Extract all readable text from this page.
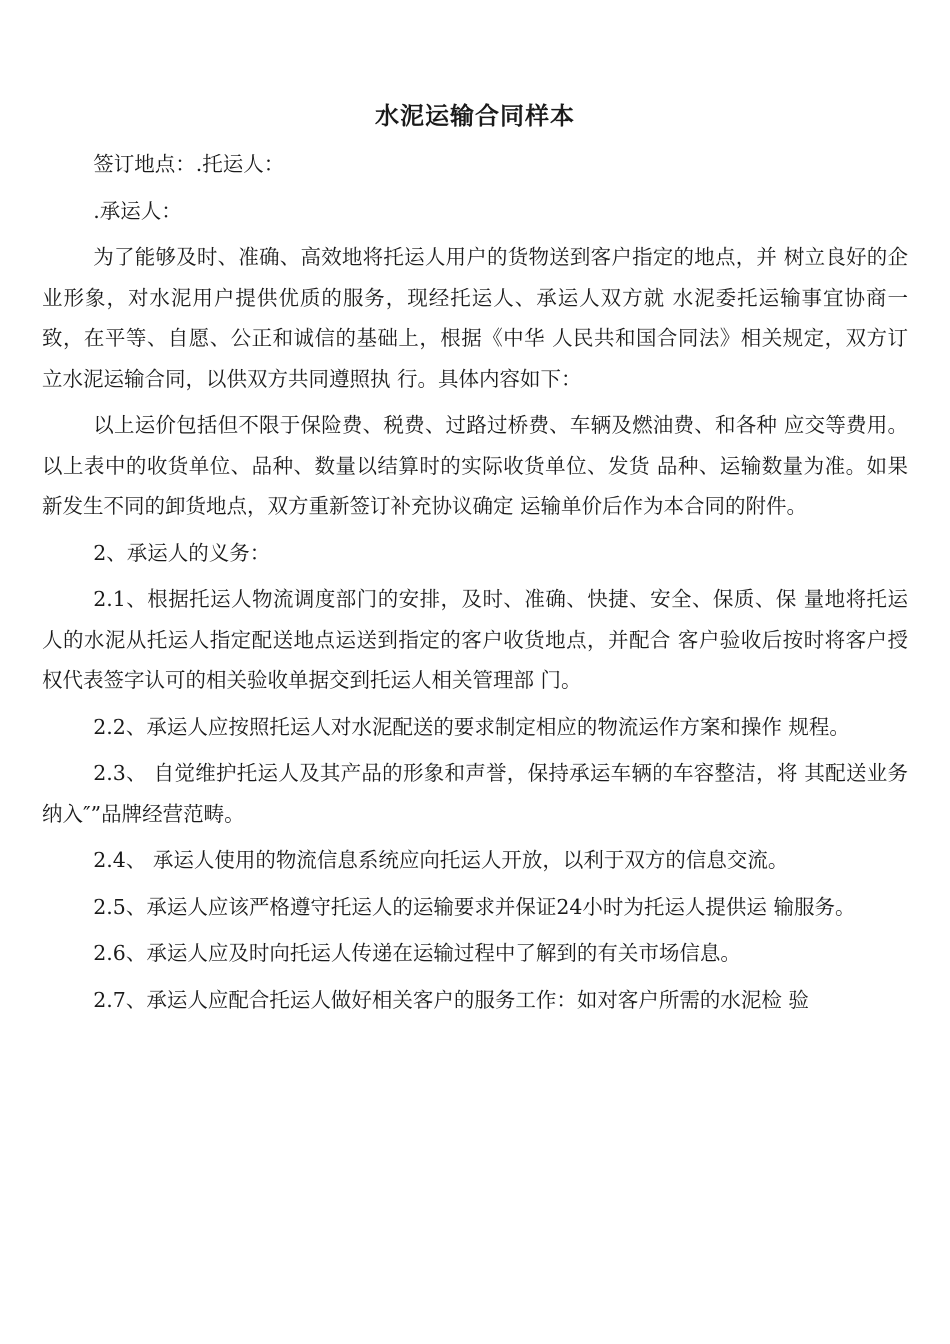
水泥运输合同样本

签订地点：.托运人：

.承运人：

为了能够及时、准确、高效地将托运人用户的货物送到客户指定的地点，并 树立良好的企业形象，对水泥用户提供优质的服务，现经托运人、承运人双方就 水泥委托运输事宜协商一致，在平等、自愿、公正和诚信的基础上，根据《中华 人民共和国合同法》相关规定，双方订立水泥运输合同，以供双方共同遵照执 行。具体内容如下：

以上运价包括但不限于保险费、税费、过路过桥费、车辆及燃油费、和各种 应交等费用。以上表中的收货单位、品种、数量以结算时的实际收货单位、发货 品种、运输数量为准。如果新发生不同的卸货地点，双方重新签订补充协议确定 运输单价后作为本合同的附件。

2、承运人的义务：

2.1、根据托运人物流调度部门的安排，及时、准确、快捷、安全、保质、保 量地将托运人的水泥从托运人指定配送地点运送到指定的客户收货地点，并配合 客户验收后按时将客户授权代表签字认可的相关验收单据交到托运人相关管理部 门。

2.2、承运人应按照托运人对水泥配送的要求制定相应的物流运作方案和操作 规程。

2.3、 自觉维护托运人及其产品的形象和声誉，保持承运车辆的车容整洁，将 其配送业务纳入″”品牌经营范畴。

2.4、 承运人使用的物流信息系统应向托运人开放，以利于双方的信息交流。

2.5、承运人应该严格遵守托运人的运输要求并保证24小时为托运人提供运 输服务。

2.6、承运人应及时向托运人传递在运输过程中了解到的有关市场信息。

2.7、承运人应配合托运人做好相关客户的服务工作：如对客户所需的水泥检 验
